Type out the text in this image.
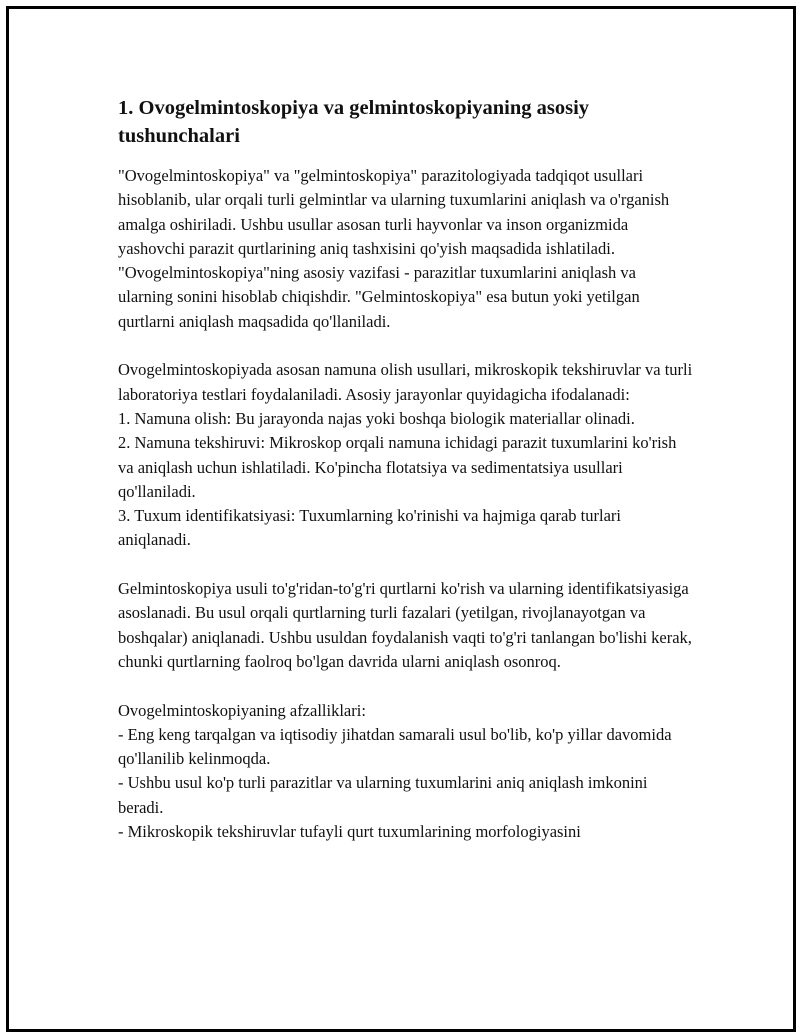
1. Ovogelmintoskopiya va gelmintoskopiyaning asosiy tushunchalari

"Ovogelmintoskopiya" va "gelmintoskopiya" parazitologiyada tadqiqot usullari hisoblanib, ular orqali turli gelmintlar va ularning tuxumlarini aniqlash va o'rganish amalga oshiriladi. Ushbu usullar asosan turli hayvonlar va inson organizmida yashovchi parazit qurtlarining aniq tashxisini qo'yish maqsadida ishlatiladi. "Ovogelmintoskopiya"ning asosiy vazifasi - parazitlar tuxumlarini aniqlash va ularning sonini hisoblab chiqishdir. "Gelmintoskopiya" esa butun yoki yetilgan qurtlarni aniqlash maqsadida qo'llaniladi.

Ovogelmintoskopiyada asosan namuna olish usullari, mikroskopik tekshiruvlar va turli laboratoriya testlari foydalaniladi. Asosiy jarayonlar quyidagicha ifodalanadi:
1. Namuna olish: Bu jarayonda najas yoki boshqa biologik materiallar olinadi.
2. Namuna tekshiruvi: Mikroskop orqali namuna ichidagi parazit tuxumlarini ko'rish va aniqlash uchun ishlatiladi. Ko'pincha flotatsiya va sedimentatsiya usullari qo'llaniladi.
3. Tuxum identifikatsiyasi: Tuxumlarning ko'rinishi va hajmiga qarab turlari aniqlanadi.

Gelmintoskopiya usuli to'g'ridan-to'g'ri qurtlarni ko'rish va ularning identifikatsiyasiga asoslanadi. Bu usul orqali qurtlarning turli fazalari (yetilgan, rivojlanayotgan va boshqalar) aniqlanadi. Ushbu usuldan foydalanish vaqti to'g'ri tanlangan bo'lishi kerak, chunki qurtlarning faolroq bo'lgan davrida ularni aniqlash osonroq.

Ovogelmintoskopiyaning afzalliklari:
- Eng keng tarqalgan va iqtisodiy jihatdan samarali usul bo'lib, ko'p yillar davomida qo'llanilib kelinmoqda.
- Ushbu usul ko'p turli parazitlar va ularning tuxumlarini aniq aniqlash imkonini beradi.
- Mikroskopik tekshiruvlar tufayli qurt tuxumlarining morfologiyasini
